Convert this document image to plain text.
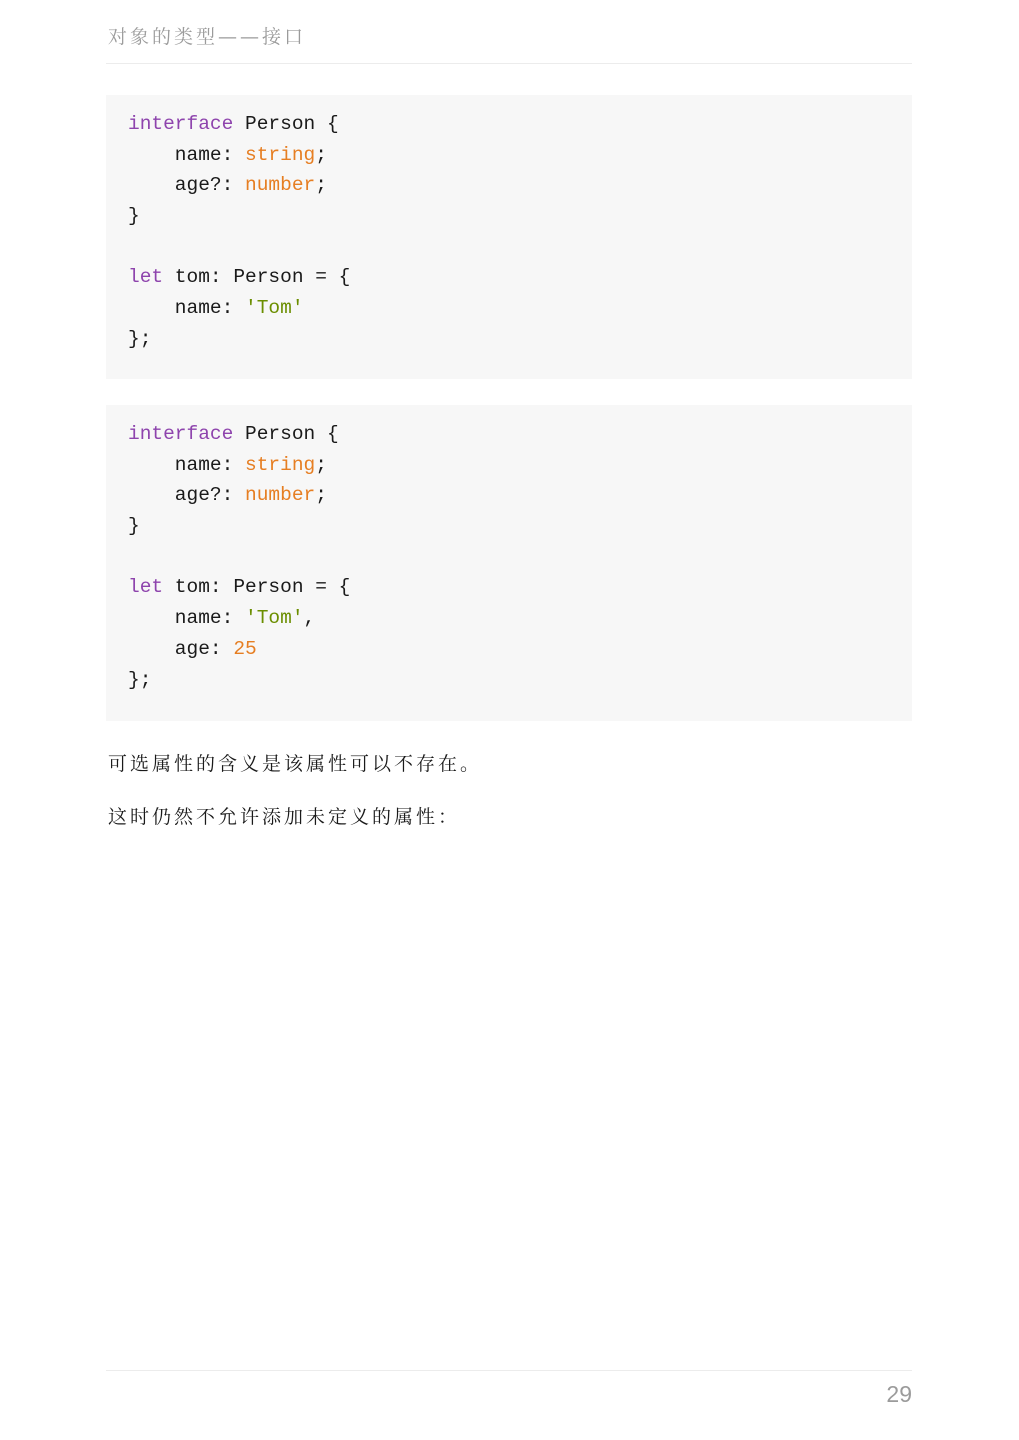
对象的类型——接口
interface Person {
name: string;
age?: number;
}
let tom: Person = {
name: 'Tom'
};
interface Person {
name: string;
age?: number;
}
let tom: Person = {
name: 'Tom',
age: 25
};
可选属性的含义是该属性可以不存在。
这时仍然不允许添加未定义的属性：
29
